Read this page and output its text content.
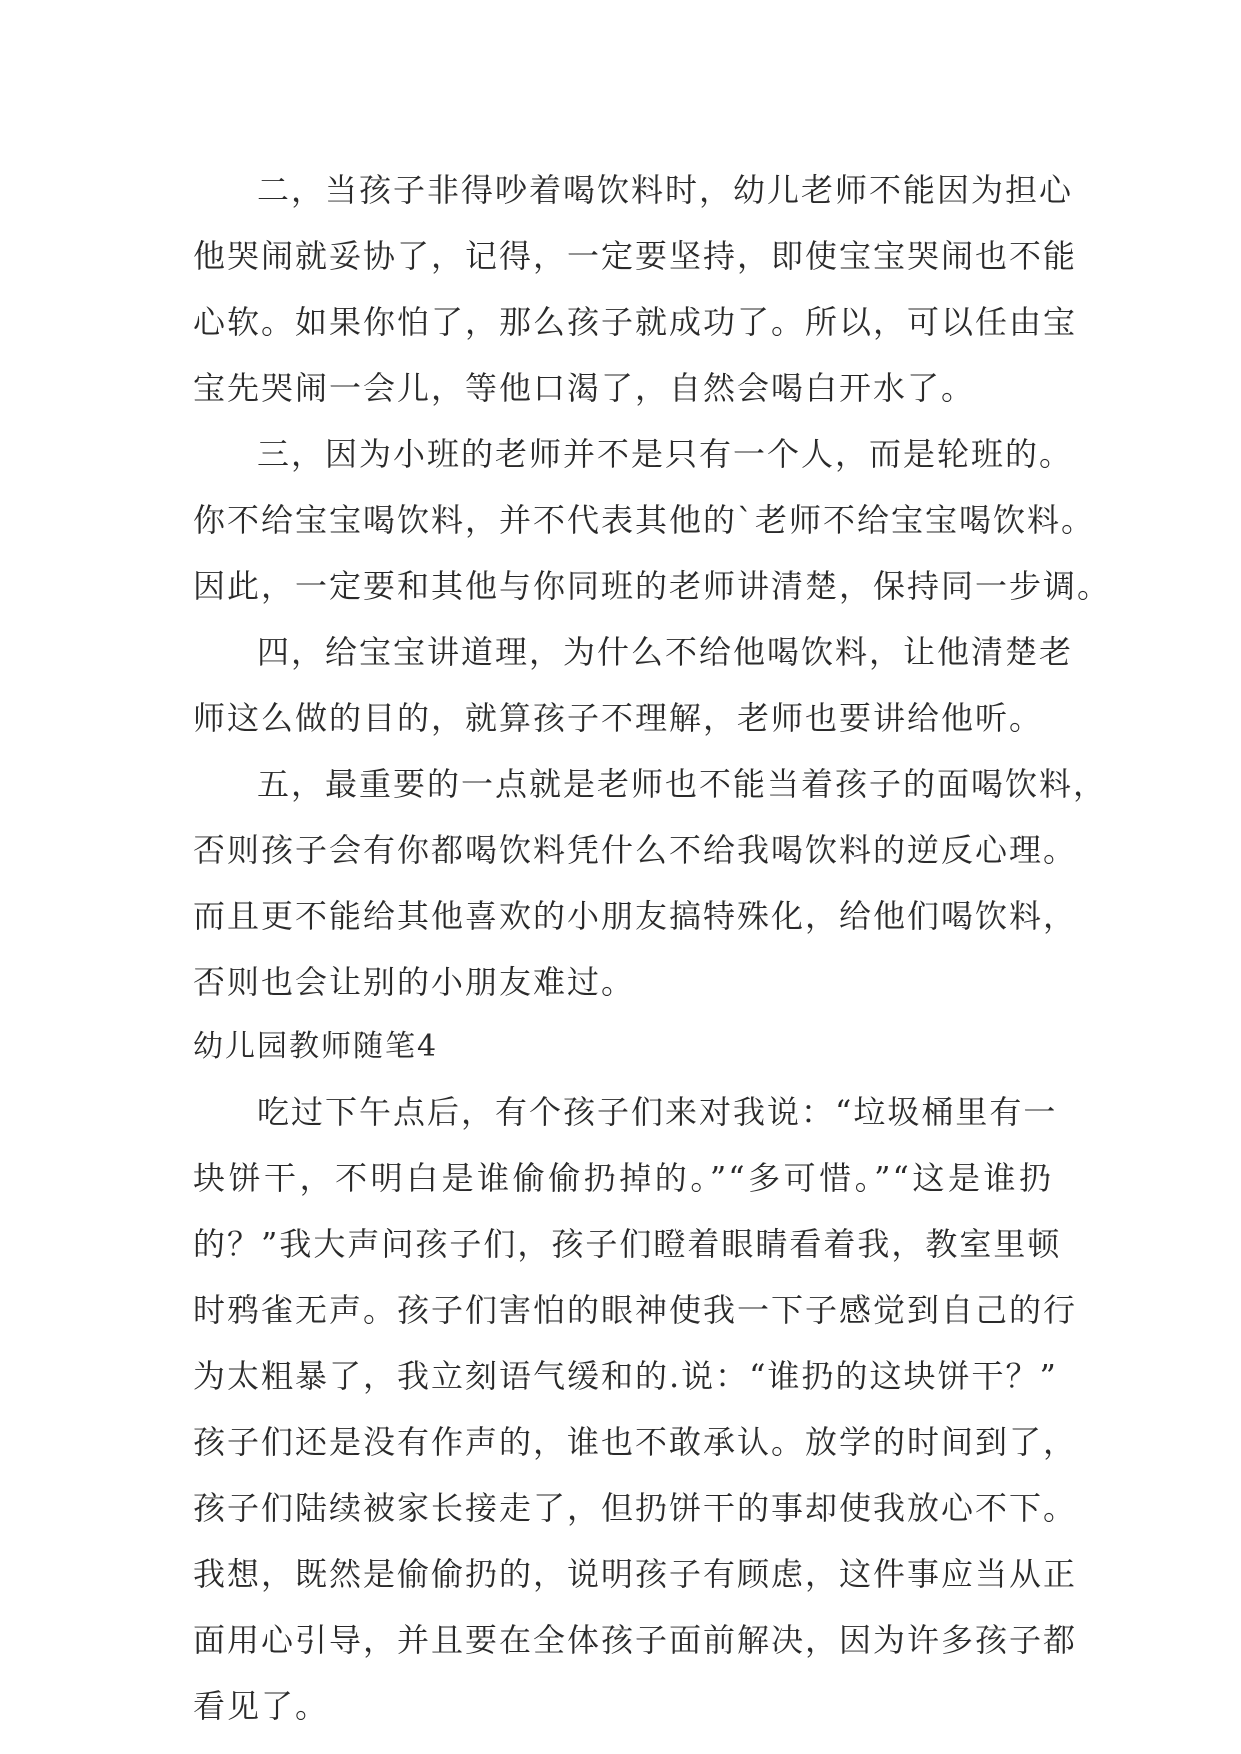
二，当孩子非得吵着喝饮料时，幼儿老师不能因为担心
他哭闹就妥协了，记得，一定要坚持，即使宝宝哭闹也不能
心软。如果你怕了，那么孩子就成功了。所以，可以任由宝
宝先哭闹一会儿，等他口渴了，自然会喝白开水了。
三，因为小班的老师并不是只有一个人，而是轮班的。
你不给宝宝喝饮料，并不代表其他的`老师不给宝宝喝饮料。
因此，一定要和其他与你同班的老师讲清楚，保持同一步调。
四，给宝宝讲道理，为什么不给他喝饮料，让他清楚老
师这么做的目的，就算孩子不理解，老师也要讲给他听。
五，最重要的一点就是老师也不能当着孩子的面喝饮料，
否则孩子会有你都喝饮料凭什么不给我喝饮料的逆反心理。
而且更不能给其他喜欢的小朋友搞特殊化，给他们喝饮料，
否则也会让别的小朋友难过。
幼儿园教师随笔4
吃过下午点后，有个孩子们来对我说：“垃圾桶里有一
块饼干，不明白是谁偷偷扔掉的。”“多可惜。”“这是谁扔
的？”我大声问孩子们，孩子们瞪着眼睛看着我，教室里顿
时鸦雀无声。孩子们害怕的眼神使我一下子感觉到自己的行
为太粗暴了，我立刻语气缓和的.说：“谁扔的这块饼干？”
孩子们还是没有作声的，谁也不敢承认。放学的时间到了，
孩子们陆续被家长接走了，但扔饼干的事却使我放心不下。
我想，既然是偷偷扔的，说明孩子有顾虑，这件事应当从正
面用心引导，并且要在全体孩子面前解决，因为许多孩子都
看见了。
